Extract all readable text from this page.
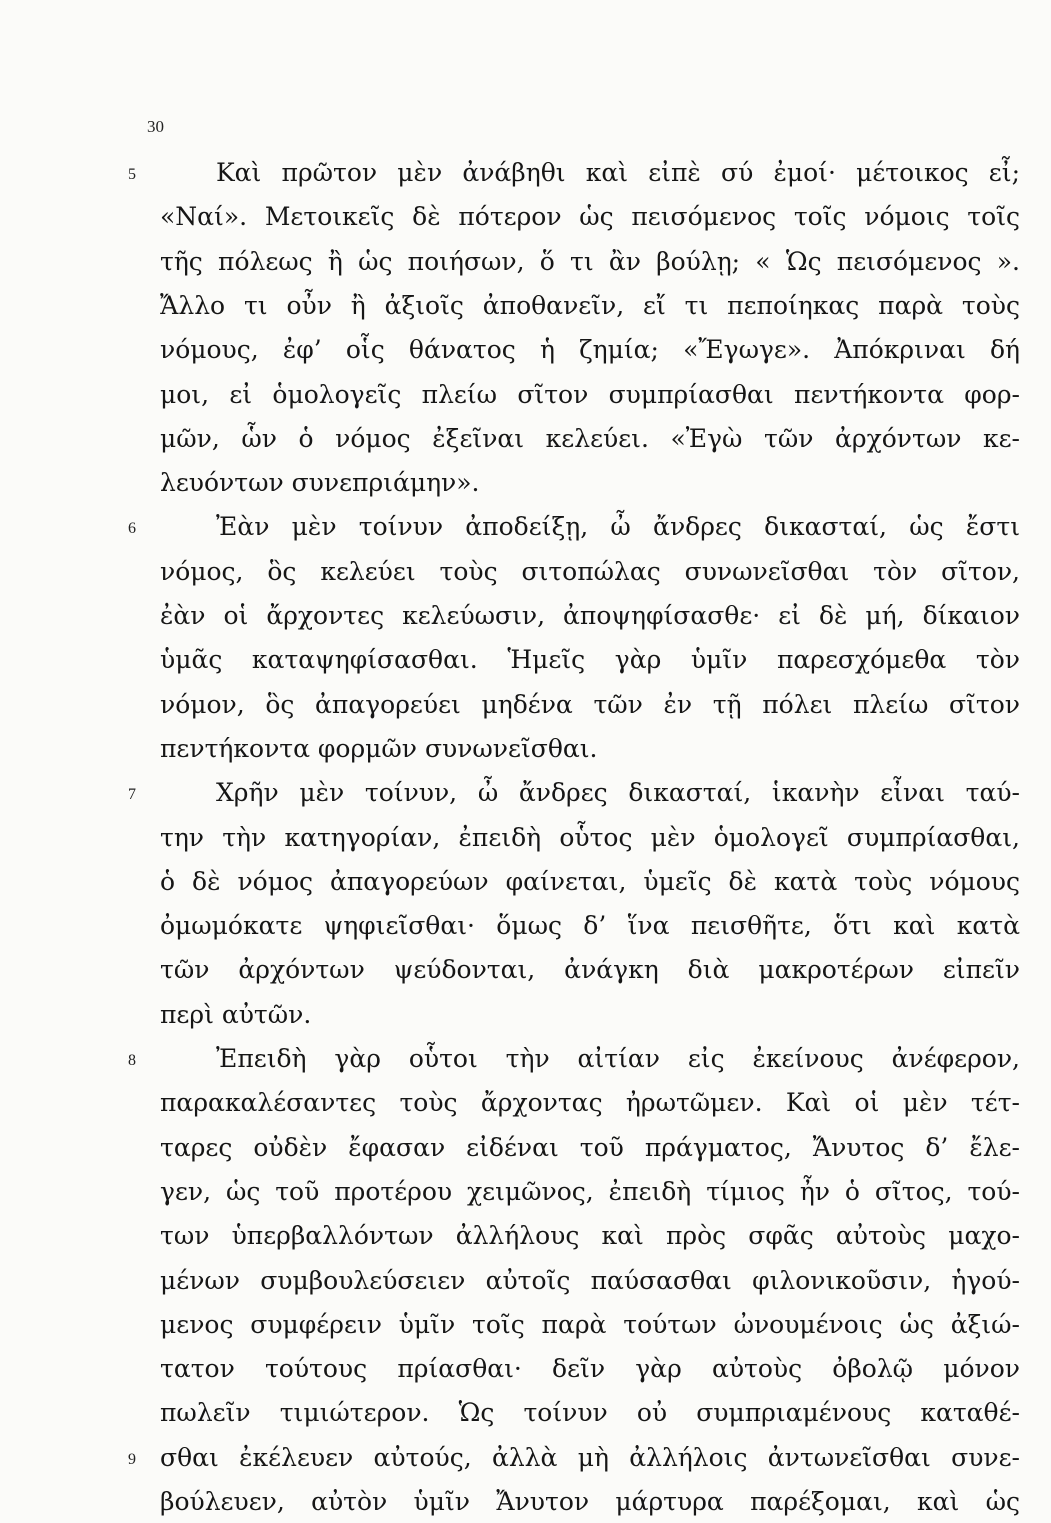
30
5
6
7
8
9
Καὶ πρῶτον μὲν ἀνάβηθι καὶ εἰπὲ σύ ἐμοί· μέτοικος εἶ;
«Ναί». Μετοικεῖς δὲ πότερον ὡς πεισόμενος τοῖς νόμοις τοῖς
τῆς πόλεως ἢ ὡς ποιήσων, ὅ τι ἂν βούλῃ; « Ὡς πεισόμενος ».
Ἄλλο τι οὖν ἢ ἀξιοῖς ἀποθανεῖν, εἴ τι πεποίηκας παρὰ τοὺς
νόμους, ἐφ’ οἷς θάνατος ἡ ζημία; «Ἔγωγε». Ἀπόκριναι δή
μοι, εἰ ὁμολογεῖς πλείω σῖτον συμπρίασθαι πεντήκοντα φορ-
μῶν, ὧν ὁ νόμος ἐξεῖναι κελεύει. «Ἐγὼ τῶν ἀρχόντων κε-
λευόντων συνεπριάμην».
Ἐὰν μὲν τοίνυν ἀποδείξῃ, ὦ ἄνδρες δικασταί, ὡς ἔστι
νόμος, ὃς κελεύει τοὺς σιτοπώλας συνωνεῖσθαι τὸν σῖτον,
ἐὰν οἱ ἄρχοντες κελεύωσιν, ἀποψηφίσασθε· εἰ δὲ μή, δίκαιον
ὑμᾶς καταψηφίσασθαι. Ἡμεῖς γὰρ ὑμῖν παρεσχόμεθα τὸν
νόμον, ὃς ἀπαγορεύει μηδένα τῶν ἐν τῇ πόλει πλείω σῖτον
πεντήκοντα φορμῶν συνωνεῖσθαι.
Χρῆν μὲν τοίνυν, ὦ ἄνδρες δικασταί, ἱκανὴν εἶναι ταύ-
την τὴν κατηγορίαν, ἐπειδὴ οὗτος μὲν ὁμολογεῖ συμπρίασθαι,
ὁ δὲ νόμος ἀπαγορεύων φαίνεται, ὑμεῖς δὲ κατὰ τοὺς νόμους
ὀμωμόκατε ψηφιεῖσθαι· ὅμως δ’ ἵνα πεισθῆτε, ὅτι καὶ κατὰ
τῶν ἀρχόντων ψεύδονται, ἀνάγκη διὰ μακροτέρων εἰπεῖν
περὶ αὐτῶν.
Ἐπειδὴ γὰρ οὗτοι τὴν αἰτίαν εἰς ἐκείνους ἀνέφερον,
παρακαλέσαντες τοὺς ἄρχοντας ἠρωτῶμεν. Καὶ οἱ μὲν τέτ-
ταρες οὐδὲν ἔφασαν εἰδέναι τοῦ πράγματος, Ἄνυτος δ’ ἔλε-
γεν, ὡς τοῦ προτέρου χειμῶνος, ἐπειδὴ τίμιος ἦν ὁ σῖτος, τού-
των ὑπερβαλλόντων ἀλλήλους καὶ πρὸς σφᾶς αὐτοὺς μαχο-
μένων συμβουλεύσειεν αὐτοῖς παύσασθαι φιλονικοῦσιν, ἡγού-
μενος συμφέρειν ὑμῖν τοῖς παρὰ τούτων ὠνουμένοις ὡς ἀξιώ-
τατον τούτους πρίασθαι· δεῖν γὰρ αὐτοὺς ὀβολῷ μόνον
πωλεῖν τιμιώτερον. Ὡς τοίνυν οὐ συμπριαμένους καταθέ-
σθαι ἐκέλευεν αὐτούς, ἀλλὰ μὴ ἀλλήλοις ἀντωνεῖσθαι συνε-
βούλευεν, αὐτὸν ὑμῖν Ἄνυτον μάρτυρα παρέξομαι, καὶ ὡς
